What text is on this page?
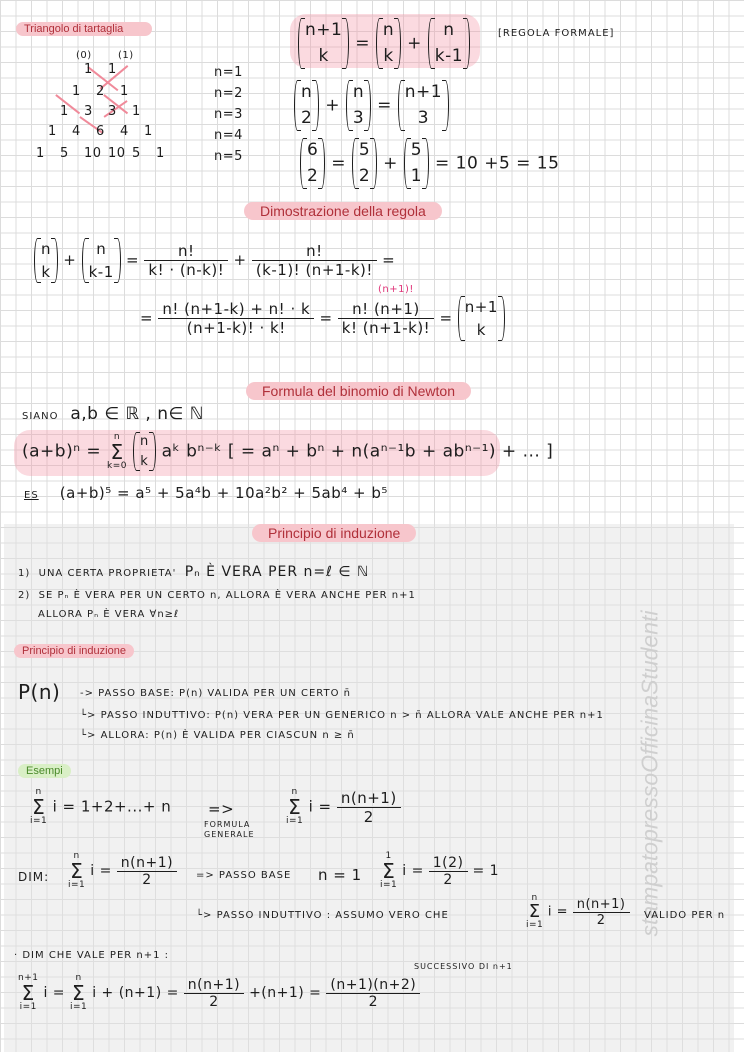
stampatopressoOfficinaStudenti
Triangolo di tartaglia
(0)	(1)
1 1
1 2 1
1 3 3 1
1 4 6 4 1
1 5 10 10 5 1
n=1
n=2
n=3
n=4
n=5
n+1
k
=
n
k
+
n
k-1
[REGOLA FORMALE]
n
2
+
n
3
=
n+1
3
6
2
=
5
2
+
5
1
= 10 +5 = 15
Dimostrazione della regola
n
k
+
n
k-1
= $\frac{n!}{k! \cdot (n-k)!} + \frac{n!}{(k-1)! (n+1-k)!}$ =
(n+1)!
= $\frac{n! (n+1-k) + n! \cdot k}{(n+1-k)! \cdot k!} = \frac{n! (n+1)}{k! (n+1-k)!}$ =
n+1
k
Formula del binomio di Newton
SIANO a,b ∈ ℝ , n∈ ℕ
(a+b)ⁿ =
n
Σ
k=0

n
k aᵏ bⁿ⁻ᵏ [ = aⁿ + bⁿ + n(aⁿ⁻¹b + abⁿ⁻¹) + ... ]
ES (a+b)⁵ = a⁵ + 5a⁴b + 10a²b² + 5ab⁴ + b⁵
Principio di induzione
1) UNA CERTA PROPRIETA' Pₙ È VERA PER n=ℓ ∈ ℕ
2) SE Pₙ È VERA PER UN CERTO n, ALLORA È VERA ANCHE PER n+1
ALLORA Pₙ È VERA ∀n≥ℓ
Principio di induzione
P(n) -> PASSO BASE: P(n) VALIDA PER UN CERTO n̄
└> PASSO INDUTTIVO: P(n) VERA PER UN GENERICO n > n̄ ALLORA VALE ANCHE PER n+1
└> ALLORA: P(n) È VALIDA PER CIASCUN n ≥ n̄
Esempi
n
Σ
i=1
i = 1+2+...+ n =>
FORMULA GENERALE
n
Σ
i=1
$i = \frac{n(n+1)}{2}$
DIM:
n
Σ
i=1
$i = \frac{n(n+1)}{2}$ => PASSO BASE n = 1
1
Σ
i=1
$i = \frac{1(2)}{2} = 1$
└> PASSO INDUTTIVO : ASSUMO VERO CHE
n
Σ
i=1
$i = \frac{n(n+1)}{2}$ VALIDO PER n
· DIM CHE VALE PER n+1 :
SUCCESSIVO DI n+1
n+1
Σ
i=1
i =
n
Σ
i=1
$i + (n+1) = \frac{n(n+1)}{2} +(n+1) = \frac{(n+1)(n+2)}{2}$
